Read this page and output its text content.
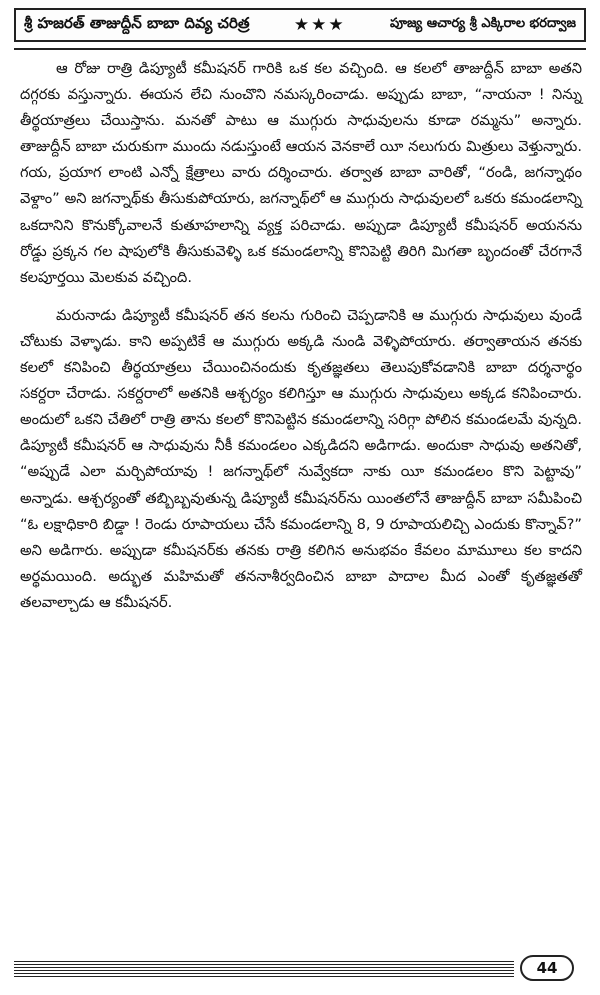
శ్రీ హజరత్ తాజుద్దీన్ బాబా దివ్య చరిత్ర	★★★	పూజ్య ఆచార్య శ్రీ ఎక్కిరాల భరద్వాజ

ఆ రోజు రాత్రి డిప్యూటీ కమీషనర్ గారికి ఒక కల వచ్చింది. ఆ కలలో తాజుద్దీన్ బాబా అతని దగ్గరకు వస్తున్నారు. ఈయన లేచి నుంచొని నమస్కరించాడు. అప్పుడు బాబా, “నాయనా ! నిన్ను తీర్థయాత్రలు చేయిస్తాను. మనతో పాటు ఆ ముగ్గురు సాధువులను కూడా రమ్మను” అన్నారు. తాజుద్దీన్ బాబా చురుకుగా ముందు నడుస్తుంటే ఆయన వెనకాలే యీ నలుగురు మిత్రులు వెళ్తున్నారు. గయ, ప్రయాగ లాంటి ఎన్నో క్షేత్రాలు వారు దర్శించారు. తర్వాత బాబా వారితో, “రండి, జగన్నాథం వెళ్దాం” అని జగన్నాథ్‌కు తీసుకుపోయారు, జగన్నాథ్‌లో ఆ ముగ్గురు సాధువులలో ఒకరు కమండలాన్ని ఒకదానిని కొనుక్కోవాలనే కుతూహలాన్ని వ్యక్త పరిచాడు. అప్పుడా డిప్యూటీ కమీషనర్ అయనను రోడ్డు ప్రక్కన గల షాపులోకి తీసుకువెళ్ళి ఒక కమండలాన్ని కొనిపెట్టి తిరిగి మిగతా బృందంతో చేరగానే కలపూర్తయి మెలకువ వచ్చింది.

మరునాడు డిప్యూటీ కమీషనర్ తన కలను గురించి చెప్పడానికి ఆ ముగ్గురు సాధువులు వుండే చోటుకు వెళ్ళాడు. కాని అప్పటికే ఆ ముగ్గురు అక్కడి నుండి వెళ్ళిపోయారు. తర్వాతాయన తనకు కలలో కనిపించి తీర్థయాత్రలు చేయించినందుకు కృతజ్ఞతలు తెలుపుకోవడానికి బాబా దర్శనార్థం సకర్దరా చేరాడు. సకర్దరాలో అతనికి ఆశ్చర్యం కలిగిస్తూ ఆ ముగ్గురు సాధువులు అక్కడ కనిపించారు. అందులో ఒకని చేతిలో రాత్రి తాను కలలో కొనిపెట్టిన కమండలాన్ని సరిగ్గా పోలిన కమండలమే వున్నది. డిప్యూటీ కమీషనర్ ఆ సాధువును నీకీ కమండలం ఎక్కడిదని అడిగాడు. అందుకా సాధువు అతనితో, “అప్పుడే ఎలా మర్చిపోయావు ! జగన్నాథ్‌లో నువ్వేకదా నాకు యీ కమండలం కొని పెట్టావు” అన్నాడు. ఆశ్చర్యంతో తబ్బిబ్బవుతున్న డిప్యూటీ కమీషనర్‌ను యింతలోనే తాజుద్దీన్ బాబా సమీపించి “ఓ లక్షాధికారి బిడ్డా ! రెండు రూపాయలు చేసే కమండలాన్ని 8, 9 రూపాయలిచ్చి ఎందుకు కొన్నావ్?” అని అడిగారు. అప్పుడా కమీషనర్‌కు తనకు రాత్రి కలిగిన అనుభవం కేవలం మామూలు కల కాదని అర్థమయింది. అద్భుత మహిమతో తననాశీర్వదించిన బాబా పాదాల మీద ఎంతో కృతజ్ఞతతో తలవాల్చాడు ఆ కమీషనర్.

44
